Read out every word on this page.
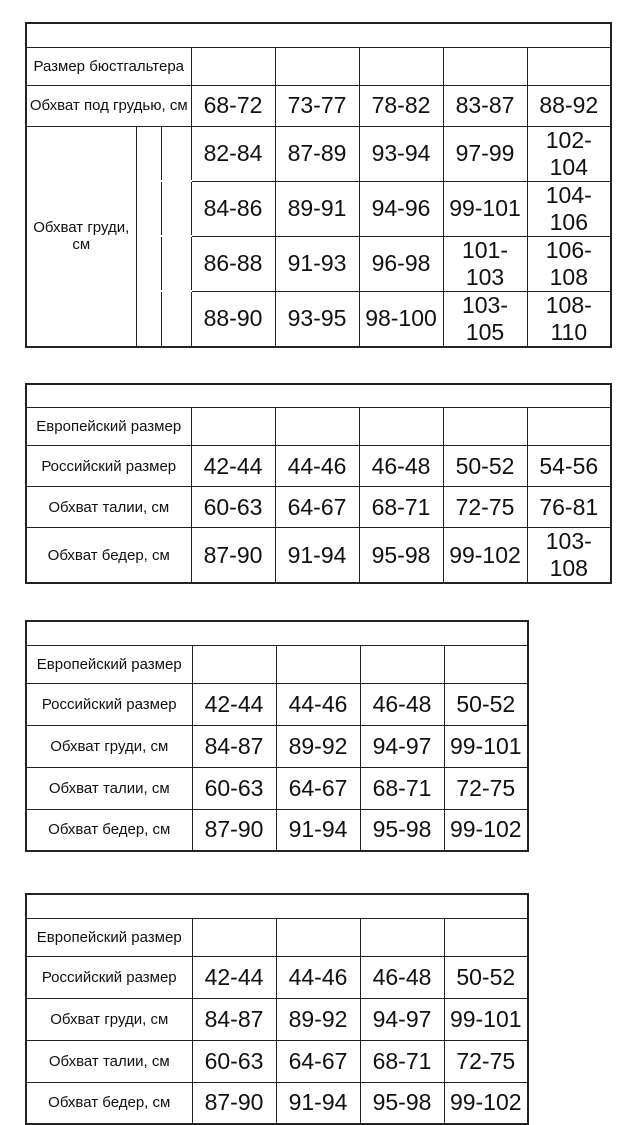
БЮСТГАЛЬТЕР							
Размер бюстгальтера			70	75	80	85	90
Обхват под грудью, см			68-72	73-77	78-82	83-87	88-92
Обхват груди, см	ЧАШКА	A	82-84	87-89	93-94	97-99	102-104
		B	84-86	89-91	94-96	99-101	104-106
		C	86-88	91-93	96-98	101-103	106-108
		D	88-90	93-95	98-100	103-105	108-110
ТРУСЫ					
Европейский размер	S	M	L	XL	XXL
Российский размер	42-44	44-46	46-48	50-52	54-56
Обхват талии, см	60-63	64-67	68-71	72-75	76-81
Обхват бедер, см	87-90	91-94	95-98	99-102	103-108
БОДИ				
Европейский размер	S	M	L	XL
Российский размер	42-44	44-46	46-48	50-52
Обхват груди, см	84-87	89-92	94-97	99-101
Обхват талии, см	60-63	64-67	68-71	72-75
Обхват бедер, см	87-90	91-94	95-98	99-102
ПИЖАМЫ				
Европейский размер	S	M	L	XL
Российский размер	42-44	44-46	46-48	50-52
Обхват груди, см	84-87	89-92	94-97	99-101
Обхват талии, см	60-63	64-67	68-71	72-75
Обхват бедер, см	87-90	91-94	95-98	99-102
